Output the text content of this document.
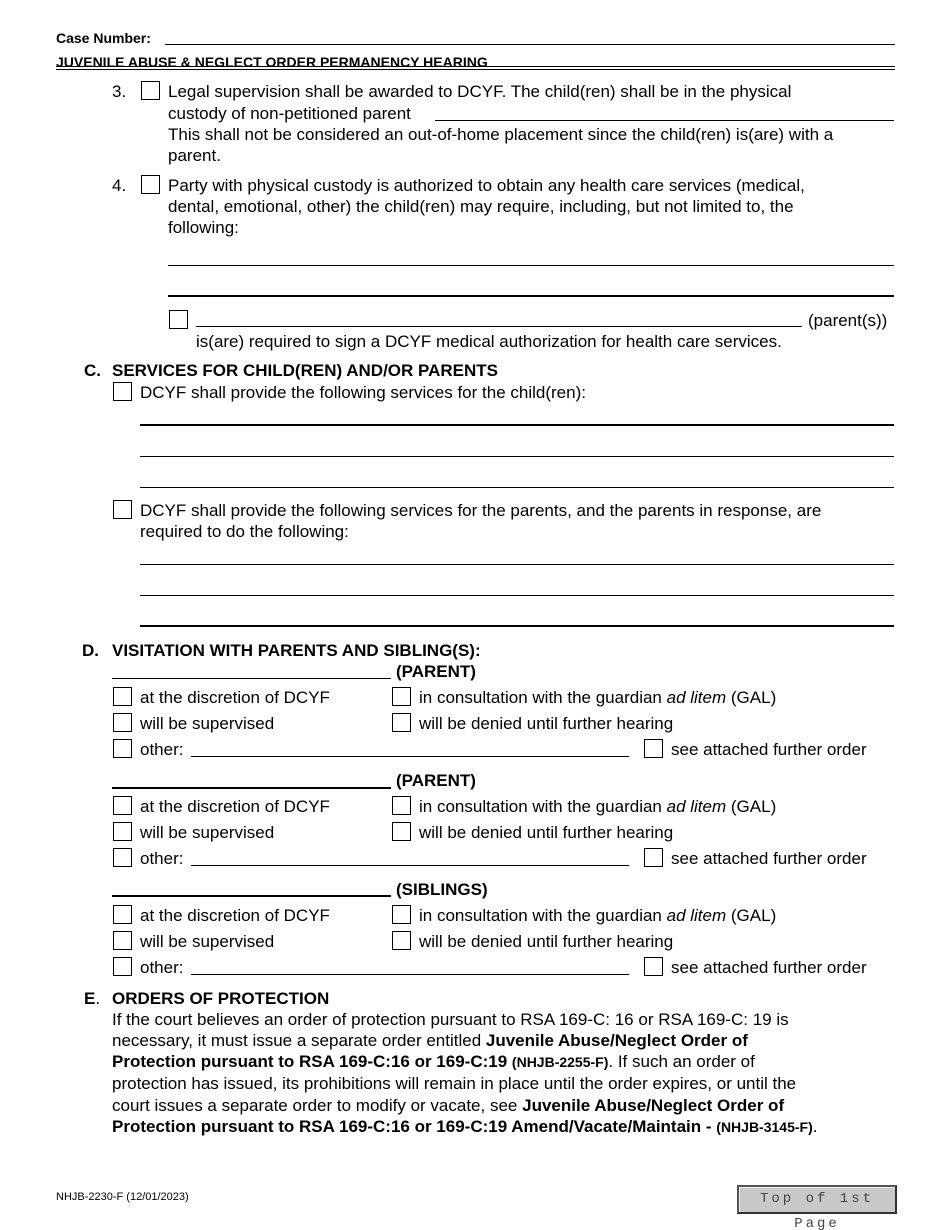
Case Number:
JUVENILE ABUSE & NEGLECT ORDER PERMANENCY HEARING
3. Legal supervision shall be awarded to DCYF. The child(ren) shall be in the physical
custody of non-petitioned parent
This shall not be considered an out-of-home placement since the child(ren) is(are) with a
parent.
4. Party with physical custody is authorized to obtain any health care services (medical,
dental, emotional, other) the child(ren) may require, including, but not limited to, the
following:
(parent(s))
is(are) required to sign a DCYF medical authorization for health care services.
C. SERVICES FOR CHILD(REN) AND/OR PARENTS
DCYF shall provide the following services for the child(ren):
DCYF shall provide the following services for the parents, and the parents in response, are
required to do the following:
D. VISITATION WITH PARENTS AND SIBLING(S):
(PARENT)
at the discretion of DCYF	in consultation with the guardian ad litem (GAL)
will be supervised	will be denied until further hearing
other:	see attached further order
(PARENT)
at the discretion of DCYF	in consultation with the guardian ad litem (GAL)
will be supervised	will be denied until further hearing
other:	see attached further order
(SIBLINGS)
at the discretion of DCYF	in consultation with the guardian ad litem (GAL)
will be supervised	will be denied until further hearing
other:	see attached further order
E. ORDERS OF PROTECTION
If the court believes an order of protection pursuant to RSA 169-C: 16 or RSA 169-C: 19 is
necessary, it must issue a separate order entitled Juvenile Abuse/Neglect Order of
Protection pursuant to RSA 169-C:16 or 169-C:19 (NHJB-2255-F). If such an order of
protection has issued, its prohibitions will remain in place until the order expires, or until the
court issues a separate order to modify or vacate, see Juvenile Abuse/Neglect Order of
Protection pursuant to RSA 169-C:16 or 169-C:19 Amend/Vacate/Maintain - (NHJB-3145-F).
NHJB-2230-F (12/01/2023)	Top of 1st Page
